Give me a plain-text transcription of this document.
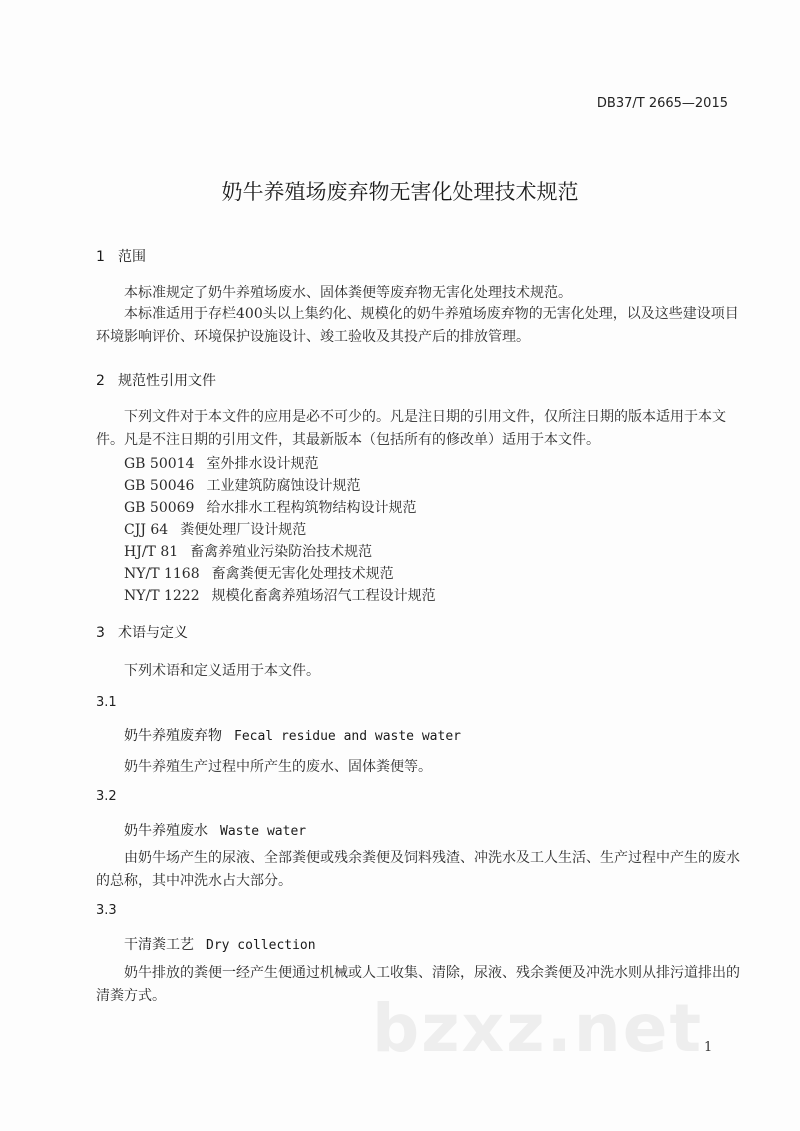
bzxz.net
DB37/T 2665—2015
奶牛养殖场废弃物无害化处理技术规范
1 范围
本标准规定了奶牛养殖场废水、固体粪便等废弃物无害化处理技术规范。
本标准适用于存栏400头以上集约化、规模化的奶牛养殖场废弃物的无害化处理，以及这些建设项目环境影响评价、环境保护设施设计、竣工验收及其投产后的排放管理。
2 规范性引用文件
下列文件对于本文件的应用是必不可少的。凡是注日期的引用文件，仅所注日期的版本适用于本文件。凡是不注日期的引用文件，其最新版本（包括所有的修改单）适用于本文件。
GB 50014 室外排水设计规范
GB 50046 工业建筑防腐蚀设计规范
GB 50069 给水排水工程构筑物结构设计规范
CJJ 64 粪便处理厂设计规范
HJ/T 81 畜禽养殖业污染防治技术规范
NY/T 1168 畜禽粪便无害化处理技术规范
NY/T 1222 规模化畜禽养殖场沼气工程设计规范
3 术语与定义
下列术语和定义适用于本文件。
3.1
奶牛养殖废弃物 Fecal residue and waste water
奶牛养殖生产过程中所产生的废水、固体粪便等。
3.2
奶牛养殖废水 Waste water
由奶牛场产生的尿液、全部粪便或残余粪便及饲料残渣、冲洗水及工人生活、生产过程中产生的废水的总称，其中冲洗水占大部分。
3.3
干清粪工艺 Dry collection
奶牛排放的粪便一经产生便通过机械或人工收集、清除，尿液、残余粪便及冲洗水则从排污道排出的清粪方式。
1
